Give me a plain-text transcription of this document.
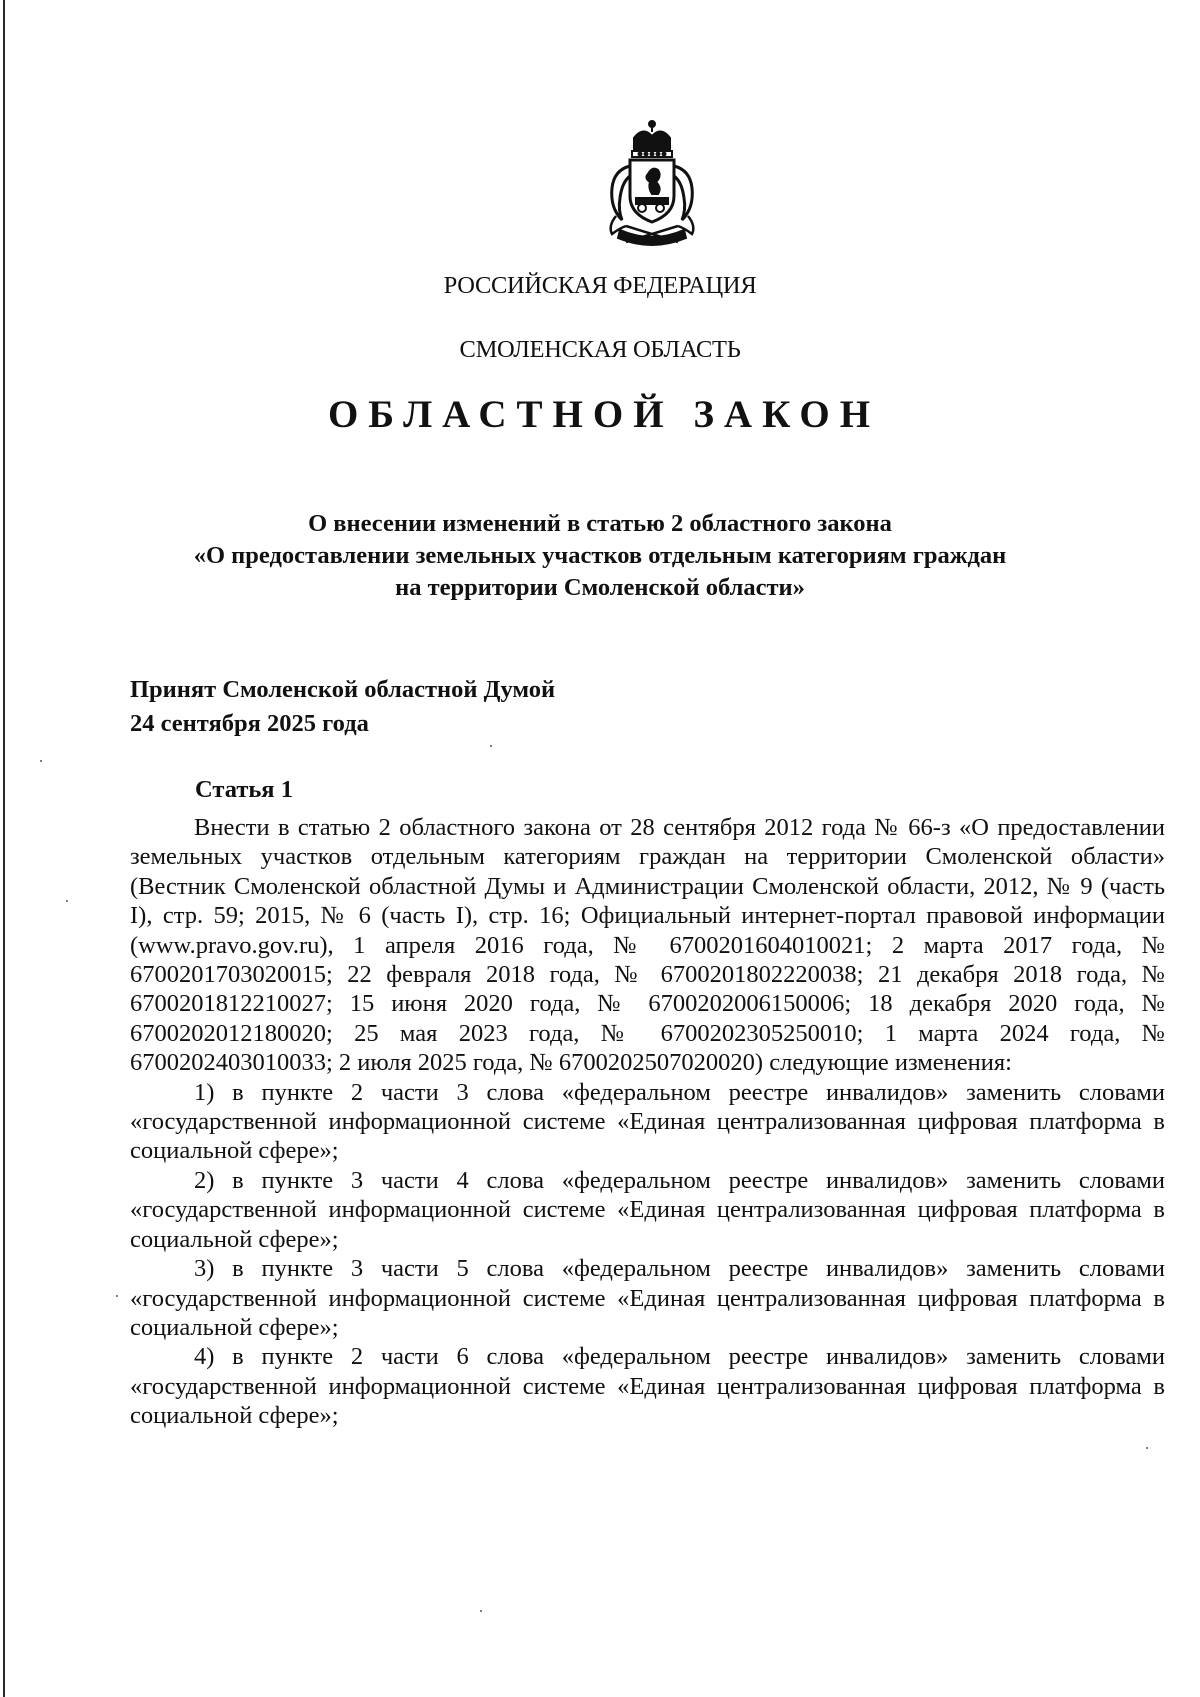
РОССИЙСКАЯ ФЕДЕРАЦИЯ
СМОЛЕНСКАЯ ОБЛАСТЬ
ОБЛАСТНОЙ ЗАКОН
О внесении изменений в статью 2 областного закона
«О предоставлении земельных участков отдельным категориям граждан
на территории Смоленской области»
Принят Смоленской областной Думой
24 сентября 2025 года
Статья 1

Внести в статью 2 областного закона от 28 сентября 2012 года № 66-з «О предоставлении земельных участков отдельным категориям граждан на территории Смоленской области» (Вестник Смоленской областной Думы и Администрации Смоленской области, 2012, № 9 (часть I), стр. 59; 2015, № 6 (часть I), стр. 16; Официальный интернет-портал правовой информации (www.pravo.gov.ru), 1 апреля 2016 года, № 6700201604010021; 2 марта 2017 года, № 6700201703020015; 22 февраля 2018 года, № 6700201802220038; 21 декабря 2018 года, № 6700201812210027; 15 июня 2020 года, № 6700202006150006; 18 декабря 2020 года, № 6700202012180020; 25 мая 2023 года, № 6700202305250010; 1 марта 2024 года, № 6700202403010033; 2 июля 2025 года, № 6700202507020020) следующие изменения:

1) в пункте 2 части 3 слова «федеральном реестре инвалидов» заменить словами «государственной информационной системе «Единая централизованная цифровая платформа в социальной сфере»;

2) в пункте 3 части 4 слова «федеральном реестре инвалидов» заменить словами «государственной информационной системе «Единая централизованная цифровая платформа в социальной сфере»;

3) в пункте 3 части 5 слова «федеральном реестре инвалидов» заменить словами «государственной информационной системе «Единая централизованная цифровая платформа в социальной сфере»;

4) в пункте 2 части 6 слова «федеральном реестре инвалидов» заменить словами «государственной информационной системе «Единая централизованная цифровая платформа в социальной сфере»;
